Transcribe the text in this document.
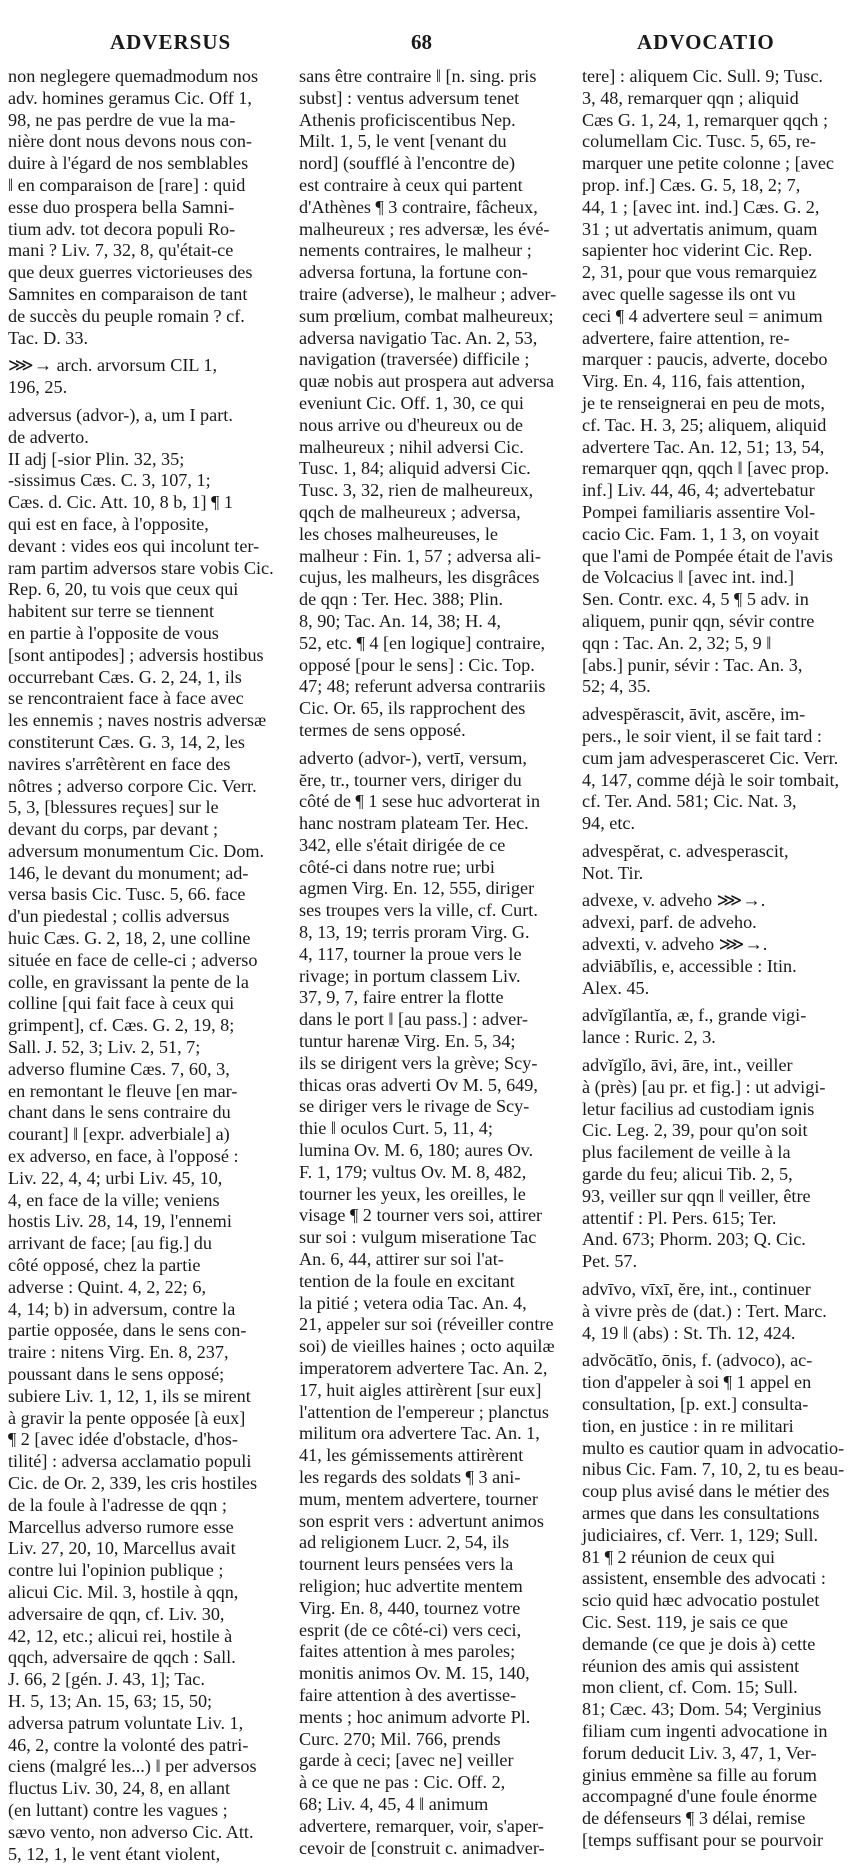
ADVERSUS	68	ADVOCATIO
non neglegere quemadmodum nos
adv. homines geramus Cic. Off 1,
98, ne pas perdre de vue la ma-
nière dont nous devons nous con-
duire à l'égard de nos semblables
‖ en comparaison de [rare] : quid
esse duo prospera bella Samni-
tium adv. tot decora populi Ro-
mani ? Liv. 7, 32, 8, qu'était-ce
que deux guerres victorieuses des
Samnites en comparaison de tant
de succès du peuple romain ? cf.
Tac. D. 33.
⋙→ arch. arvorsum CIL 1,
196, 25.
adversus (advor-), a, um I part.
de adverto.
II adj [-sior Plin. 32, 35;
-sissimus Cæs. C. 3, 107, 1;
Cæs. d. Cic. Att. 10, 8 b, 1] ¶ 1
qui est en face, à l'opposite,
devant : vides eos qui incolunt ter-
ram partim adversos stare vobis Cic.
Rep. 6, 20, tu vois que ceux qui
habitent sur terre se tiennent
en partie à l'opposite de vous
[sont antipodes] ; adversis hostibus
occurrebant Cæs. G. 2, 24, 1, ils
se rencontraient face à face avec
les ennemis ; naves nostris adversæ
constiterunt Cæs. G. 3, 14, 2, les
navires s'arrêtèrent en face des
nôtres ; adverso corpore Cic. Verr.
5, 3, [blessures reçues] sur le
devant du corps, par devant ;
adversum monumentum Cic. Dom.
146, le devant du monument; ad-
versa basis Cic. Tusc. 5, 66. face
d'un piedestal ; collis adversus
huic Cæs. G. 2, 18, 2, une colline
située en face de celle-ci ; adverso
colle, en gravissant la pente de la
colline [qui fait face à ceux qui
grimpent], cf. Cæs. G. 2, 19, 8;
Sall. J. 52, 3; Liv. 2, 51, 7;
adverso flumine Cæs. 7, 60, 3,
en remontant le fleuve [en mar-
chant dans le sens contraire du
courant] ‖ [expr. adverbiale] a)
ex adverso, en face, à l'opposé :
Liv. 22, 4, 4; urbi Liv. 45, 10,
4, en face de la ville; veniens
hostis Liv. 28, 14, 19, l'ennemi
arrivant de face; [au fig.] du
côté opposé, chez la partie
adverse : Quint. 4, 2, 22; 6,
4, 14; b) in adversum, contre la
partie opposée, dans le sens con-
traire : nitens Virg. En. 8, 237,
poussant dans le sens opposé;
subiere Liv. 1, 12, 1, ils se mirent
à gravir la pente opposée [à eux]
¶ 2 [avec idée d'obstacle, d'hos-
tilité] : adversa acclamatio populi
Cic. de Or. 2, 339, les cris hostiles
de la foule à l'adresse de qqn ;
Marcellus adverso rumore esse
Liv. 27, 20, 10, Marcellus avait
contre lui l'opinion publique ;
alicui Cic. Mil. 3, hostile à qqn,
adversaire de qqn, cf. Liv. 30,
42, 12, etc.; alicui rei, hostile à
qqch, adversaire de qqch : Sall.
J. 66, 2 [gén. J. 43, 1]; Tac.
H. 5, 13; An. 15, 63; 15, 50;
adversa patrum voluntate Liv. 1,
46, 2, contre la volonté des patri-
ciens (malgré les...) ‖ per adversos
fluctus Liv. 30, 24, 8, en allant
(en luttant) contre les vagues ;
sævo vento, non adverso Cic. Att.
5, 12, 1, le vent étant violent,
sans être contraire ‖ [n. sing. pris
subst] : ventus adversum tenet
Athenis proficiscentibus Nep.
Milt. 1, 5, le vent [venant du
nord] (soufflé à l'encontre de)
est contraire à ceux qui partent
d'Athènes ¶ 3 contraire, fâcheux,
malheureux ; res adversæ, les évé-
nements contraires, le malheur ;
adversa fortuna, la fortune con-
traire (adverse), le malheur ; adver-
sum prœlium, combat malheureux;
adversa navigatio Tac. An. 2, 53,
navigation (traversée) difficile ;
quæ nobis aut prospera aut adversa
eveniunt Cic. Off. 1, 30, ce qui
nous arrive ou d'heureux ou de
malheureux ; nihil adversi Cic.
Tusc. 1, 84; aliquid adversi Cic.
Tusc. 3, 32, rien de malheureux,
qqch de malheureux ; adversa,
les choses malheureuses, le
malheur : Fin. 1, 57 ; adversa ali-
cujus, les malheurs, les disgrâces
de qqn : Ter. Hec. 388; Plin.
8, 90; Tac. An. 14, 38; H. 4,
52, etc. ¶ 4 [en logique] contraire,
opposé [pour le sens] : Cic. Top.
47; 48; referunt adversa contrariis
Cic. Or. 65, ils rapprochent des
termes de sens opposé.
adverto (advor-), vertī, versum,
ĕre, tr., tourner vers, diriger du
côté de ¶ 1 sese huc advorterat in
hanc nostram plateam Ter. Hec.
342, elle s'était dirigée de ce
côté-ci dans notre rue; urbi
agmen Virg. En. 12, 555, diriger
ses troupes vers la ville, cf. Curt.
8, 13, 19; terris proram Virg. G.
4, 117, tourner la proue vers le
rivage; in portum classem Liv.
37, 9, 7, faire entrer la flotte
dans le port ‖ [au pass.] : adver-
tuntur harenæ Virg. En. 5, 34;
ils se dirigent vers la grève; Scy-
thicas oras adverti Ov M. 5, 649,
se diriger vers le rivage de Scy-
thie ‖ oculos Curt. 5, 11, 4;
lumina Ov. M. 6, 180; aures Ov.
F. 1, 179; vultus Ov. M. 8, 482,
tourner les yeux, les oreilles, le
visage ¶ 2 tourner vers soi, attirer
sur soi : vulgum miseratione Tac
An. 6, 44, attirer sur soi l'at-
tention de la foule en excitant
la pitié ; vetera odia Tac. An. 4,
21, appeler sur soi (réveiller contre
soi) de vieilles haines ; octo aquilæ
imperatorem advertere Tac. An. 2,
17, huit aigles attirèrent [sur eux]
l'attention de l'empereur ; planctus
militum ora advertere Tac. An. 1,
41, les gémissements attirèrent
les regards des soldats ¶ 3 ani-
mum, mentem advertere, tourner
son esprit vers : advertunt animos
ad religionem Lucr. 2, 54, ils
tournent leurs pensées vers la
religion; huc advertite mentem
Virg. En. 8, 440, tournez votre
esprit (de ce côté-ci) vers ceci,
faites attention à mes paroles;
monitis animos Ov. M. 15, 140,
faire attention à des avertisse-
ments ; hoc animum advorte Pl.
Curc. 270; Mil. 766, prends
garde à ceci; [avec ne] veiller
à ce que ne pas : Cic. Off. 2,
68; Liv. 4, 45, 4 ‖ animum
advertere, remarquer, voir, s'aper-
cevoir de [construit c. animadver-
tere] : aliquem Cic. Sull. 9; Tusc.
3, 48, remarquer qqn ; aliquid
Cæs G. 1, 24, 1, remarquer qqch ;
columellam Cic. Tusc. 5, 65, re-
marquer une petite colonne ; [avec
prop. inf.] Cæs. G. 5, 18, 2; 7,
44, 1 ; [avec int. ind.] Cæs. G. 2,
31 ; ut advertatis animum, quam
sapienter hoc viderint Cic. Rep.
2, 31, pour que vous remarquiez
avec quelle sagesse ils ont vu
ceci ¶ 4 advertere seul = animum
advertere, faire attention, re-
marquer : paucis, adverte, docebo
Virg. En. 4, 116, fais attention,
je te renseignerai en peu de mots,
cf. Tac. H. 3, 25; aliquem, aliquid
advertere Tac. An. 12, 51; 13, 54,
remarquer qqn, qqch ‖ [avec prop.
inf.] Liv. 44, 46, 4; advertebatur
Pompei familiaris assentire Vol-
cacio Cic. Fam. 1, 1 3, on voyait
que l'ami de Pompée était de l'avis
de Volcacius ‖ [avec int. ind.]
Sen. Contr. exc. 4, 5 ¶ 5 adv. in
aliquem, punir qqn, sévir contre
qqn : Tac. An. 2, 32; 5, 9 ‖
[abs.] punir, sévir : Tac. An. 3,
52; 4, 35.
advespĕrascit, āvit, ascĕre, im-
pers., le soir vient, il se fait tard :
cum jam advesperasceret Cic. Verr.
4, 147, comme déjà le soir tombait,
cf. Ter. And. 581; Cic. Nat. 3,
94, etc.
advespĕrat, c. advesperascit,
Not. Tir.
advexe, v. adveho ⋙→.
advexi, parf. de adveho.
advexti, v. adveho ⋙→.
adviābĭlis, e, accessible : Itin.
Alex. 45.
advĭgĭlantĭa, æ, f., grande vigi-
lance : Ruric. 2, 3.
advĭgĭlo, āvi, āre, int., veiller
à (près) [au pr. et fig.] : ut advigi-
letur facilius ad custodiam ignis
Cic. Leg. 2, 39, pour qu'on soit
plus facilement de veille à la
garde du feu; alicui Tib. 2, 5,
93, veiller sur qqn ‖ veiller, être
attentif : Pl. Pers. 615; Ter.
And. 673; Phorm. 203; Q. Cic.
Pet. 57.
advīvo, vīxī, ĕre, int., continuer
à vivre près de (dat.) : Tert. Marc.
4, 19 ‖ (abs) : St. Th. 12, 424.
advŏcātĭo, ōnis, f. (advoco), ac-
tion d'appeler à soi ¶ 1 appel en
consultation, [p. ext.] consulta-
tion, en justice : in re militari
multo es cautior quam in advocatio-
nibus Cic. Fam. 7, 10, 2, tu es beau-
coup plus avisé dans le métier des
armes que dans les consultations
judiciaires, cf. Verr. 1, 129; Sull.
81 ¶ 2 réunion de ceux qui
assistent, ensemble des advocati :
scio quid hæc advocatio postulet
Cic. Sest. 119, je sais ce que
demande (ce que je dois à) cette
réunion des amis qui assistent
mon client, cf. Com. 15; Sull.
81; Cæc. 43; Dom. 54; Verginius
filiam cum ingenti advocatione in
forum deducit Liv. 3, 47, 1, Ver-
ginius emmène sa fille au forum
accompagné d'une foule énorme
de défenseurs ¶ 3 délai, remise
[temps suffisant pour se pourvoir
